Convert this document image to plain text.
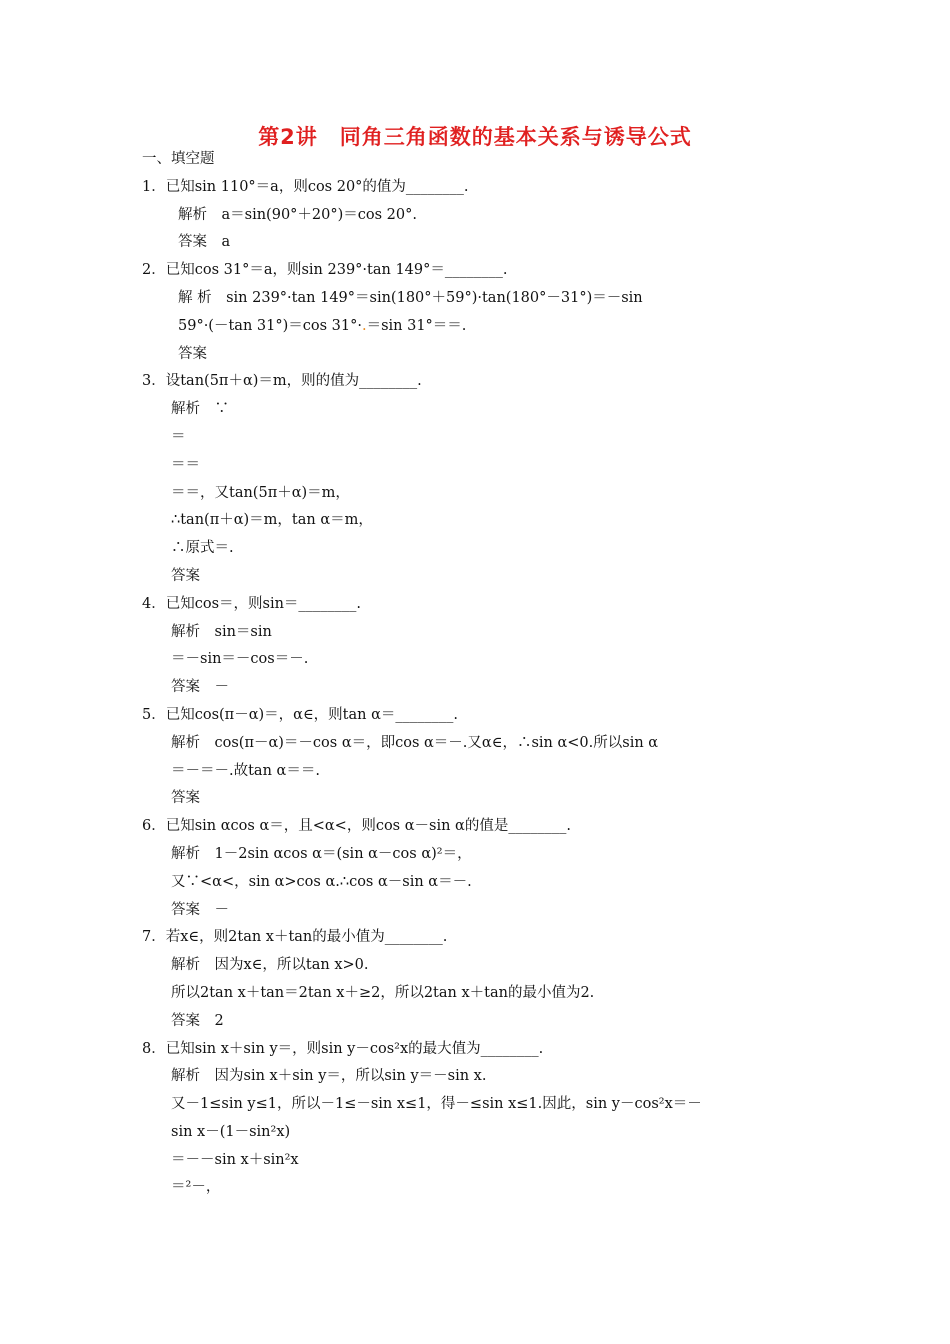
第2讲　同角三角函数的基本关系与诱导公式
一、填空题
1．已知sin 110°＝a，则cos 20°的值为________.
解析　a＝sin(90°＋20°)＝cos 20°.
答案　a
2．已知cos 31°＝a，则sin 239°·tan 149°＝________.
解 析　sin 239°·tan 149°＝sin(180°＋59°)·tan(180°－31°)＝－sin
59°·(－tan 31°)＝cos 31°·.＝sin 31°＝＝.
答案
3．设tan(5π＋α)＝m，则的值为________.
解析　∵
＝
＝＝
＝＝，又tan(5π＋α)＝m，
∴tan(π＋α)＝m，tan α＝m，
∴原式＝.
答案
4．已知cos＝，则sin＝________.
解析　sin＝sin
＝－sin＝－cos＝－.
答案　－
5．已知cos(π－α)＝，α∈，则tan α＝________.
解析　cos(π－α)＝－cos α＝，即cos α＝－.又α∈，∴sin α<0.所以sin α
＝－＝－.故tan α＝＝.
答案
6．已知sin αcos α＝，且<α<，则cos α－sin α的值是________.
解析　1－2sin αcos α＝(sin α－cos α)²＝，
又∵<α<，sin α>cos α.∴cos α－sin α＝－.
答案　－
7．若x∈，则2tan x＋tan的最小值为________.
解析　因为x∈，所以tan x>0.
所以2tan x＋tan＝2tan x＋≥2，所以2tan x＋tan的最小值为2.
答案　2
8．已知sin x＋sin y＝，则sin y－cos²x的最大值为________.
解析　因为sin x＋sin y＝，所以sin y＝－sin x.
又－1≤sin y≤1，所以－1≤－sin x≤1，得－≤sin x≤1.因此，sin y－cos²x＝－
sin x－(1－sin²x)
＝－－sin x＋sin²x
＝²－，
